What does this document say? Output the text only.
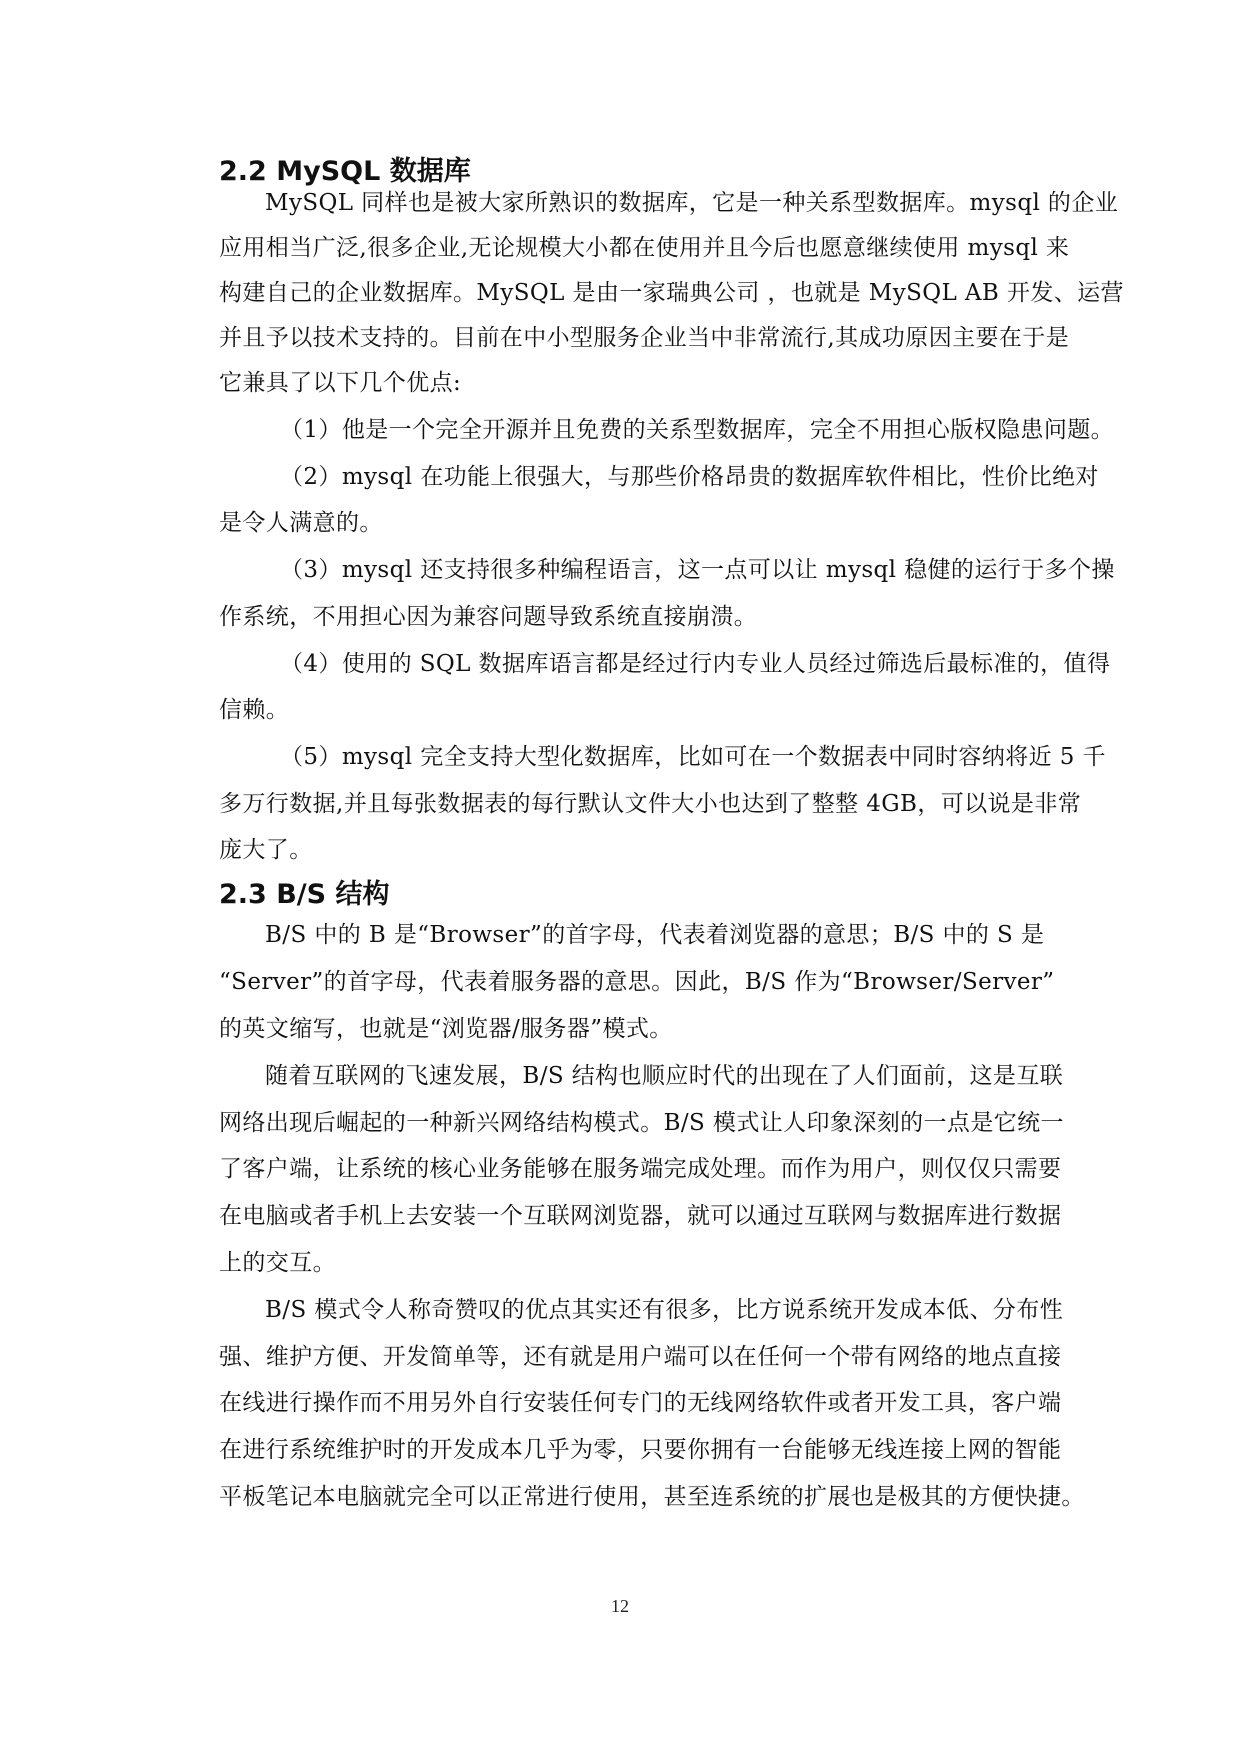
2.2 MySQL 数据库
MySQL 同样也是被大家所熟识的数据库，它是一种关系型数据库。mysql 的企业
应用相当广泛,很多企业,无论规模大小都在使用并且今后也愿意继续使用 mysql 来
构建自己的企业数据库。MySQL 是由一家瑞典公司 ，也就是 MySQL AB 开发、运营
并且予以技术支持的。目前在中小型服务企业当中非常流行,其成功原因主要在于是
它兼具了以下几个优点:
（1）他是一个完全开源并且免费的关系型数据库，完全不用担心版权隐患问题。
（2）mysql 在功能上很强大，与那些价格昂贵的数据库软件相比，性价比绝对
是令人满意的。
（3）mysql 还支持很多种编程语言，这一点可以让 mysql 稳健的运行于多个操
作系统，不用担心因为兼容问题导致系统直接崩溃。
（4）使用的 SQL 数据库语言都是经过行内专业人员经过筛选后最标准的，值得
信赖。
（5）mysql 完全支持大型化数据库，比如可在一个数据表中同时容纳将近 5 千
多万行数据,并且每张数据表的每行默认文件大小也达到了整整 4GB，可以说是非常
庞大了。
2.3 B/S 结构
B/S 中的 B 是“Browser”的首字母，代表着浏览器的意思；B/S 中的 S 是
“Server”的首字母，代表着服务器的意思。因此，B/S 作为“Browser/Server”
的英文缩写，也就是“浏览器/服务器”模式。
随着互联网的飞速发展，B/S 结构也顺应时代的出现在了人们面前，这是互联
网络出现后崛起的一种新兴网络结构模式。B/S 模式让人印象深刻的一点是它统一
了客户端，让系统的核心业务能够在服务端完成处理。而作为用户，则仅仅只需要
在电脑或者手机上去安装一个互联网浏览器，就可以通过互联网与数据库进行数据
上的交互。
B/S 模式令人称奇赞叹的优点其实还有很多，比方说系统开发成本低、分布性
强、维护方便、开发简单等，还有就是用户端可以在任何一个带有网络的地点直接
在线进行操作而不用另外自行安装任何专门的无线网络软件或者开发工具，客户端
在进行系统维护时的开发成本几乎为零，只要你拥有一台能够无线连接上网的智能
平板笔记本电脑就完全可以正常进行使用，甚至连系统的扩展也是极其的方便快捷。
12
